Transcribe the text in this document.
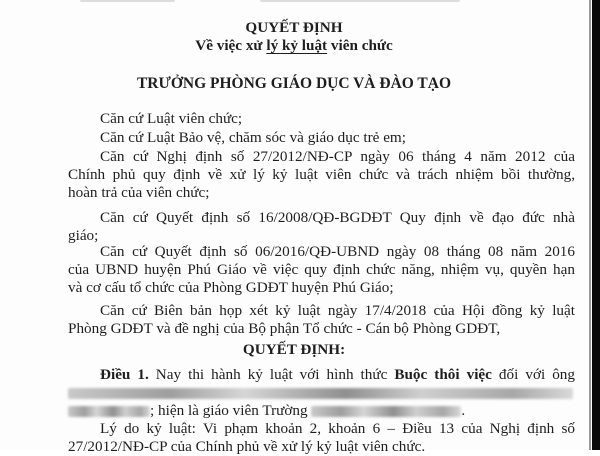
QUYẾT ĐỊNH
Về việc xử lý kỷ luật viên chức
TRƯỞNG PHÒNG GIÁO DỤC VÀ ĐÀO TẠO
Căn cứ Luật viên chức;
Căn cứ Luật Bảo vệ, chăm sóc và giáo dục trẻ em;
Căn cứ Nghị định số 27/2012/NĐ-CP ngày 06 tháng 4 năm 2012 của
Chính phủ quy định về xử lý kỷ luật viên chức và trách nhiệm bồi thường,
hoàn trả của viên chức;
Căn cứ Quyết định số 16/2008/QĐ-BGDĐT Quy định về đạo đức nhà
giáo;
Căn cứ Quyết định số 06/2016/QĐ-UBND ngày 08 tháng 08 năm 2016
của UBND huyện Phú Giáo về việc quy định chức năng, nhiệm vụ, quyền hạn
và cơ cấu tổ chức của Phòng GDĐT huyện Phú Giáo;
Căn cứ Biên bản họp xét kỷ luật ngày 17/4/2018 của Hội đồng kỷ luật
Phòng GDĐT và đề nghị của Bộ phận Tổ chức - Cán bộ Phòng GDĐT,
QUYẾT ĐỊNH:
Điều 1. Nay thi hành kỷ luật với hình thức Buộc thôi việc đối với ông
; hiện là giáo viên Trường	.
Lý do kỷ luật: Vi phạm khoản 2, khoản 6 – Điều 13 của Nghị định số
27/2012/NĐ-CP của Chính phủ về xử lý kỷ luật viên chức.
